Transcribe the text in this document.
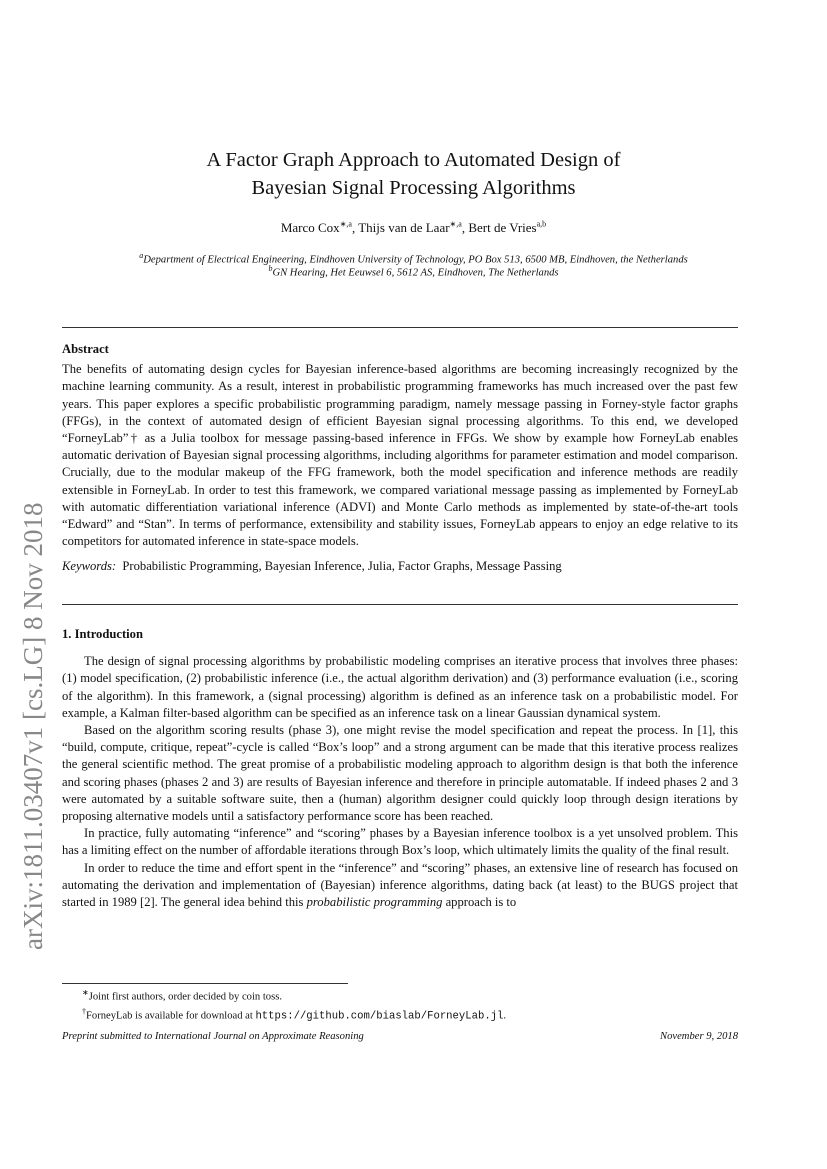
arXiv:1811.03407v1 [cs.LG] 8 Nov 2018
A Factor Graph Approach to Automated Design of
Bayesian Signal Processing Algorithms
Marco Cox$^{∗,a}$, Thijs van de Laar$^{∗,a}$, Bert de Vries$^{a,b}$
$^a$Department of Electrical Engineering, Eindhoven University of Technology, PO Box 513, 6500 MB, Eindhoven, the Netherlands
$^b$GN Hearing, Het Eeuwsel 6, 5612 AS, Eindhoven, The Netherlands
Abstract

The benefits of automating design cycles for Bayesian inference-based algorithms are becoming increasingly recognized by the machine learning community. As a result, interest in probabilistic programming frameworks has much increased over the past few years. This paper explores a specific probabilistic programming paradigm, namely message passing in Forney-style factor graphs (FFGs), in the context of automated design of efficient Bayesian signal processing algorithms. To this end, we developed “ForneyLab”† as a Julia toolbox for message passing-based inference in FFGs. We show by example how ForneyLab enables automatic derivation of Bayesian signal processing algorithms, including algorithms for parameter estimation and model comparison. Crucially, due to the modular makeup of the FFG framework, both the model specification and inference methods are readily extensible in ForneyLab. In order to test this framework, we compared variational message passing as implemented by ForneyLab with automatic differentiation variational inference (ADVI) and Monte Carlo methods as implemented by state-of-the-art tools “Edward” and “Stan”. In terms of performance, extensibility and stability issues, ForneyLab appears to enjoy an edge relative to its competitors for automated inference in state-space models.

Keywords: Probabilistic Programming, Bayesian Inference, Julia, Factor Graphs, Message Passing

1. Introduction

The design of signal processing algorithms by probabilistic modeling comprises an iterative process that involves three phases: (1) model specification, (2) probabilistic inference (i.e., the actual algorithm derivation) and (3) performance evaluation (i.e., scoring of the algorithm). In this framework, a (signal processing) algorithm is defined as an inference task on a probabilistic model. For example, a Kalman filter-based algorithm can be specified as an inference task on a linear Gaussian dynamical system.

Based on the algorithm scoring results (phase 3), one might revise the model specification and repeat the process. In [1], this “build, compute, critique, repeat”-cycle is called “Box’s loop” and a strong argument can be made that this iterative process realizes the general scientific method. The great promise of a probabilistic modeling approach to algorithm design is that both the inference and scoring phases (phases 2 and 3) are results of Bayesian inference and therefore in principle automatable. If indeed phases 2 and 3 were automated by a suitable software suite, then a (human) algorithm designer could quickly loop through design iterations by proposing alternative models until a satisfactory performance score has been reached.

In practice, fully automating “inference” and “scoring” phases by a Bayesian inference toolbox is a yet unsolved problem. This has a limiting effect on the number of affordable iterations through Box’s loop, which ultimately limits the quality of the final result.

In order to reduce the time and effort spent in the “inference” and “scoring” phases, an extensive line of research has focused on automating the derivation and implementation of (Bayesian) inference algorithms, dating back (at least) to the BUGS project that started in 1989 [2]. The general idea behind this probabilistic programming approach is to

∗Joint first authors, order decided by coin toss.
†ForneyLab is available for download at https://github.com/biaslab/ForneyLab.jl.
Preprint submitted to International Journal on Approximate Reasoning	November 9, 2018
